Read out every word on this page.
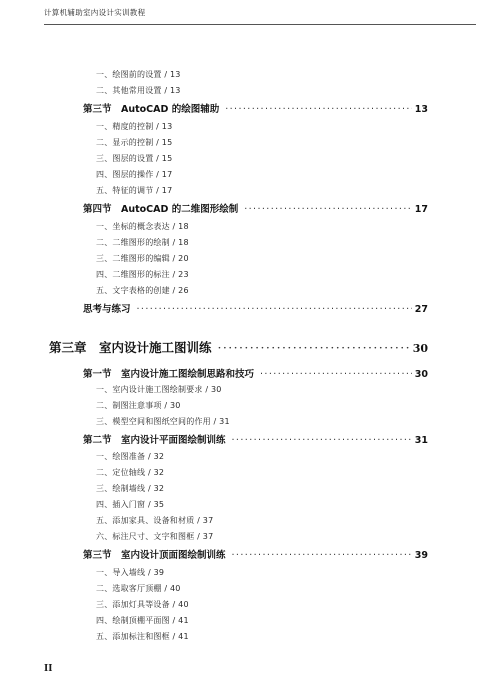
计算机辅助室内设计实训教程
一、绘图前的设置 / 13
二、其他常用设置 / 13
第三节　AutoCAD 的绘图辅助 ·····	13
一、精度的控制 / 13
二、显示的控制 / 15
三、图层的设置 / 15
四、图层的操作 / 17
五、特征的调节 / 17
第四节　AutoCAD 的二维图形绘制 ·····	17
一、坐标的概念表达 / 18
二、二维图形的绘制 / 18
三、二维图形的编辑 / 20
四、二维图形的标注 / 23
五、文字表格的创建 / 26
思考与练习 ·····	27
第三章　室内设计施工图训练 ·····	30
第一节　室内设计施工图绘制思路和技巧 ·····	30
一、室内设计施工图绘制要求 / 30
二、制图注意事项 / 30
三、模型空间和图纸空间的作用 / 31
第二节　室内设计平面图绘制训练 ·····	31
一、绘图准备 / 32
二、定位轴线 / 32
三、绘制墙线 / 32
四、插入门窗 / 35
五、添加家具、设备和材质 / 37
六、标注尺寸、文字和图框 / 37
第三节　室内设计顶面图绘制训练 ·····	39
一、导入墙线 / 39
二、选取客厅顶棚 / 40
三、添加灯具等设备 / 40
四、绘制顶棚平面图 / 41
五、添加标注和图框 / 41
II
